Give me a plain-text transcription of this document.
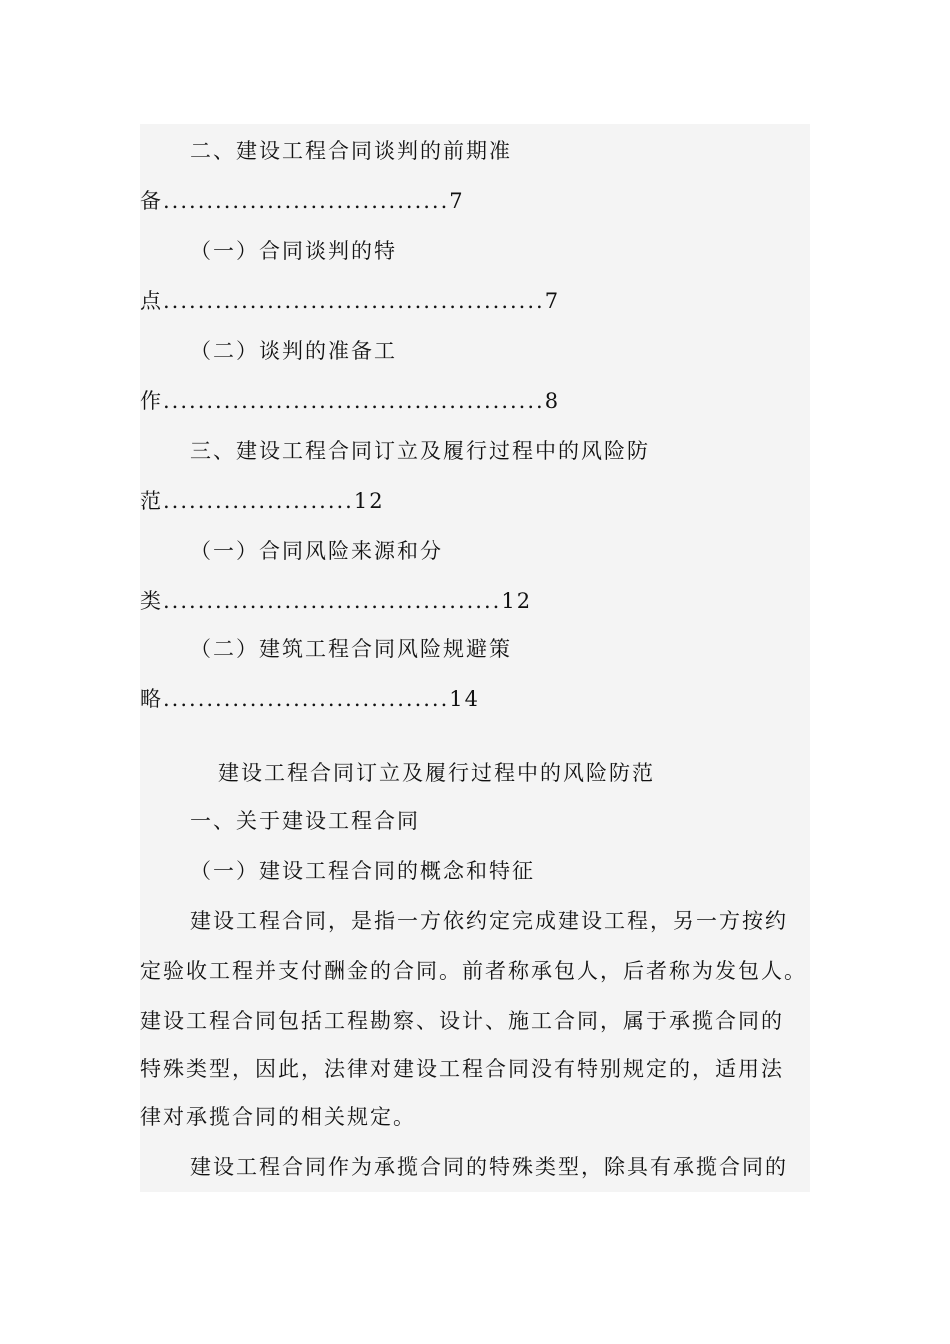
二、建设工程合同谈判的前期准
备.................................7
（一）合同谈判的特
点............................................7
（二）谈判的准备工
作............................................8
三、建设工程合同订立及履行过程中的风险防
范......................12
（一）合同风险来源和分
类.......................................12
（二）建筑工程合同风险规避策
略.................................14
建设工程合同订立及履行过程中的风险防范
一、关于建设工程合同
（一）建设工程合同的概念和特征
建设工程合同，是指一方依约定完成建设工程，另一方按约
定验收工程并支付酬金的合同。前者称承包人，后者称为发包人。
建设工程合同包括工程勘察、设计、施工合同，属于承揽合同的
特殊类型，因此，法律对建设工程合同没有特别规定的，适用法
律对承揽合同的相关规定。
建设工程合同作为承揽合同的特殊类型，除具有承揽合同的
